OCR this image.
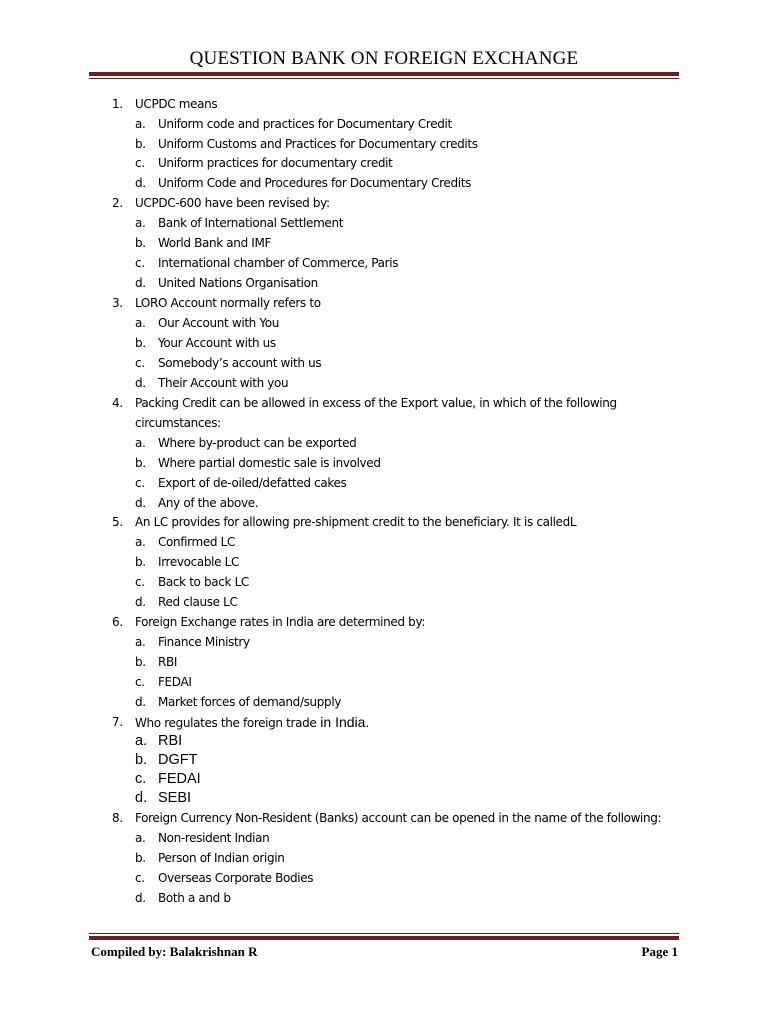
QUESTION BANK ON FOREIGN EXCHANGE
1. UCPDC means
a. Uniform code and practices for Documentary Credit
b. Uniform Customs and Practices for Documentary credits
c. Uniform practices for documentary credit
d. Uniform Code and Procedures for Documentary Credits
2. UCPDC-600 have been revised by:
a. Bank of International Settlement
b. World Bank and IMF
c. International chamber of Commerce, Paris
d. United Nations Organisation
3. LORO Account normally refers to
a. Our Account with You
b. Your Account with us
c. Somebody’s account with us
d. Their Account with you
4. Packing Credit can be allowed in excess of the Export value, in which of the following
circumstances:
a. Where by-product can be exported
b. Where partial domestic sale is involved
c. Export of de-oiled/defatted cakes
d. Any of the above.
5. An LC provides for allowing pre-shipment credit to the beneficiary. It is calledL
a. Confirmed LC
b. Irrevocable LC
c. Back to back LC
d. Red clause LC
6. Foreign Exchange rates in India are determined by:
a. Finance Ministry
b. RBI
c. FEDAI
d. Market forces of demand/supply
7. Who regulates the foreign trade in India.
a. RBI
b. DGFT
c. FEDAI
d. SEBI
8. Foreign Currency Non-Resident (Banks) account can be opened in the name of the following:
a. Non-resident Indian
b. Person of Indian origin
c. Overseas Corporate Bodies
d. Both a and b
Compiled by: Balakrishnan R	Page 1
